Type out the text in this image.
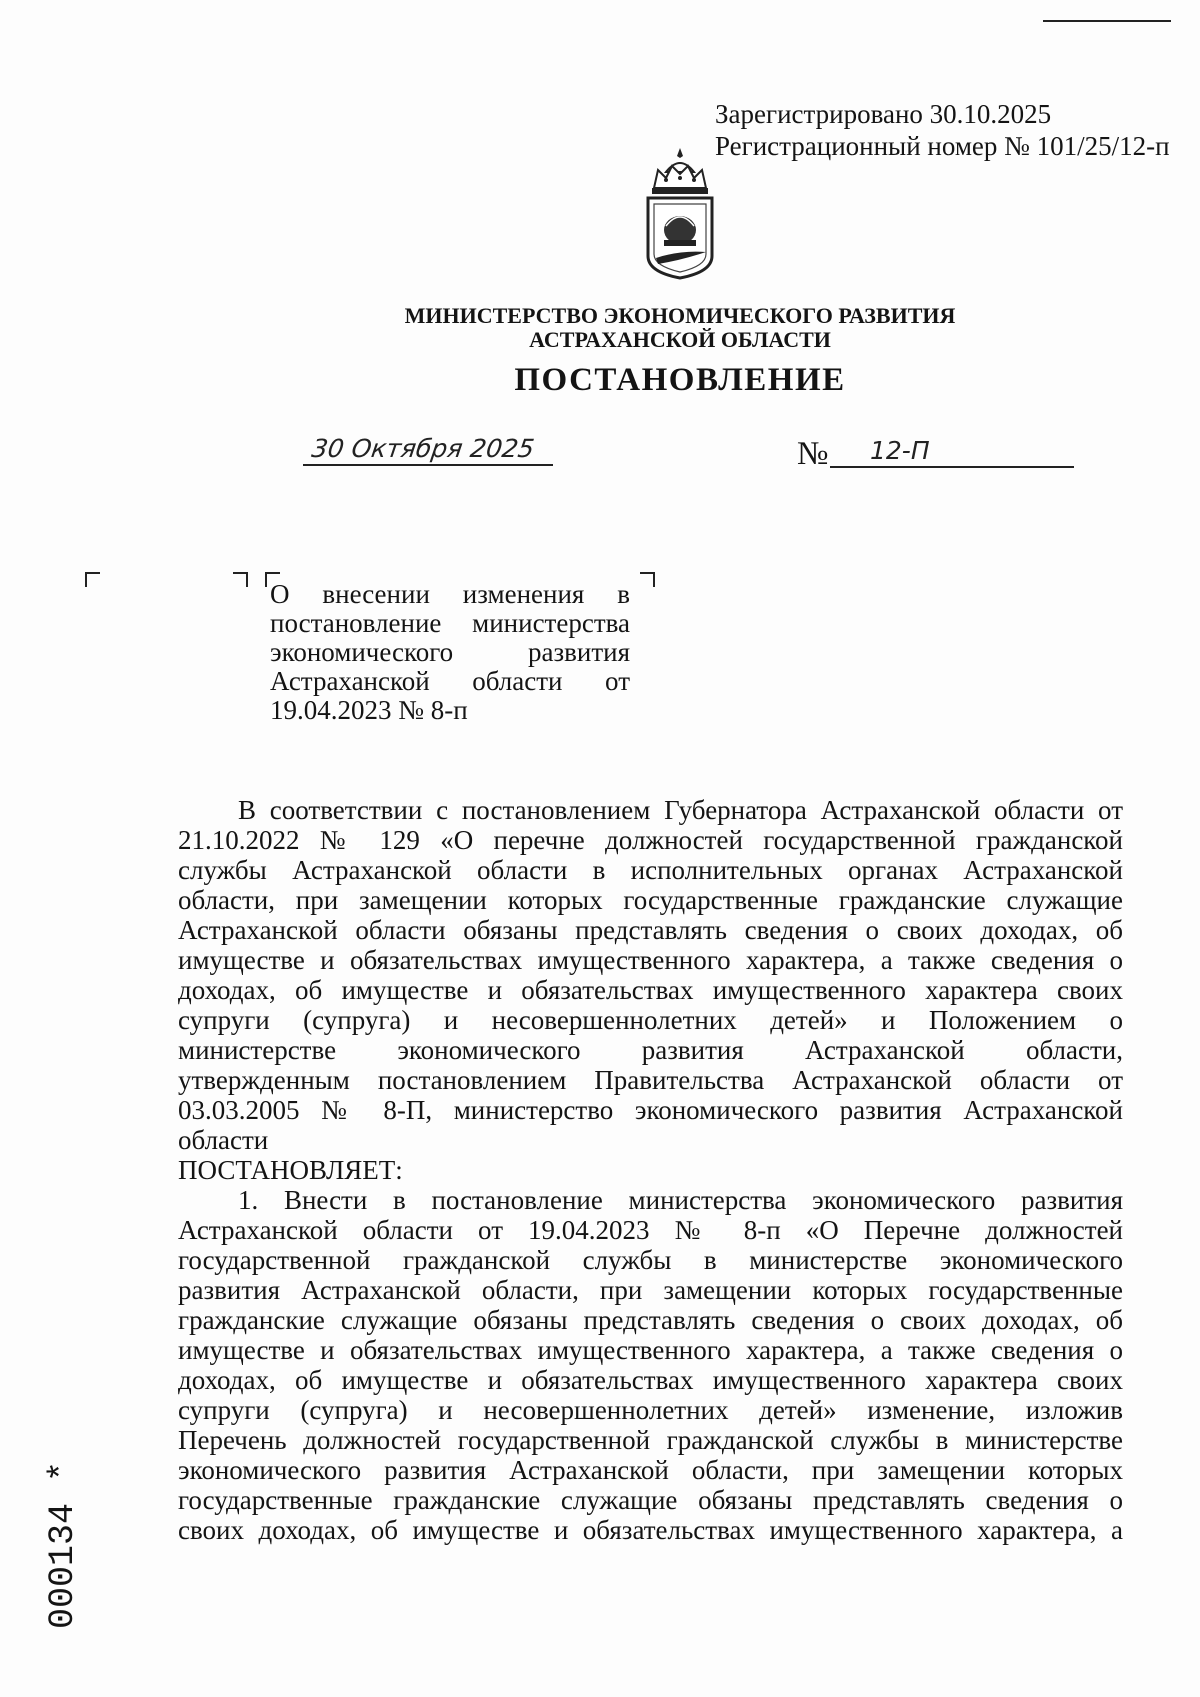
Зарегистрировано 30.10.2025
Регистрационный номер № 101/25/12-п
МИНИСТЕРСТВО ЭКОНОМИЧЕСКОГО РАЗВИТИЯ
АСТРАХАНСКОЙ ОБЛАСТИ
ПОСТАНОВЛЕНИЕ
30 Октября 2025	№ 12-П
О внесении изменения в
постановление министерства
экономического развития
Астраханской области от
19.04.2023 № 8-п
В соответствии с постановлением Губернатора Астраханской области от
21.10.2022 № 129 «О перечне должностей государственной гражданской
службы Астраханской области в исполнительных органах Астраханской
области, при замещении которых государственные гражданские служащие
Астраханской области обязаны представлять сведения о своих доходах, об
имуществе и обязательствах имущественного характера, а также сведения о
доходах, об имуществе и обязательствах имущественного характера своих
супруги (супруга) и несовершеннолетних детей» и Положением о
министерстве экономического развития Астраханской области,
утвержденным постановлением Правительства Астраханской области от
03.03.2005 № 8-П, министерство экономического развития Астраханской
области
ПОСТАНОВЛЯЕТ:
1. Внести в постановление министерства экономического развития
Астраханской области от 19.04.2023 № 8-п «О Перечне должностей
государственной гражданской службы в министерстве экономического
развития Астраханской области, при замещении которых государственные
гражданские служащие обязаны представлять сведения о своих доходах, об
имуществе и обязательствах имущественного характера, а также сведения о
доходах, об имуществе и обязательствах имущественного характера своих
супруги (супруга) и несовершеннолетних детей» изменение, изложив
Перечень должностей государственной гражданской службы в министерстве
экономического развития Астраханской области, при замещении которых
государственные гражданские служащие обязаны представлять сведения о
своих доходах, об имуществе и обязательствах имущественного характера, а
000134 *
